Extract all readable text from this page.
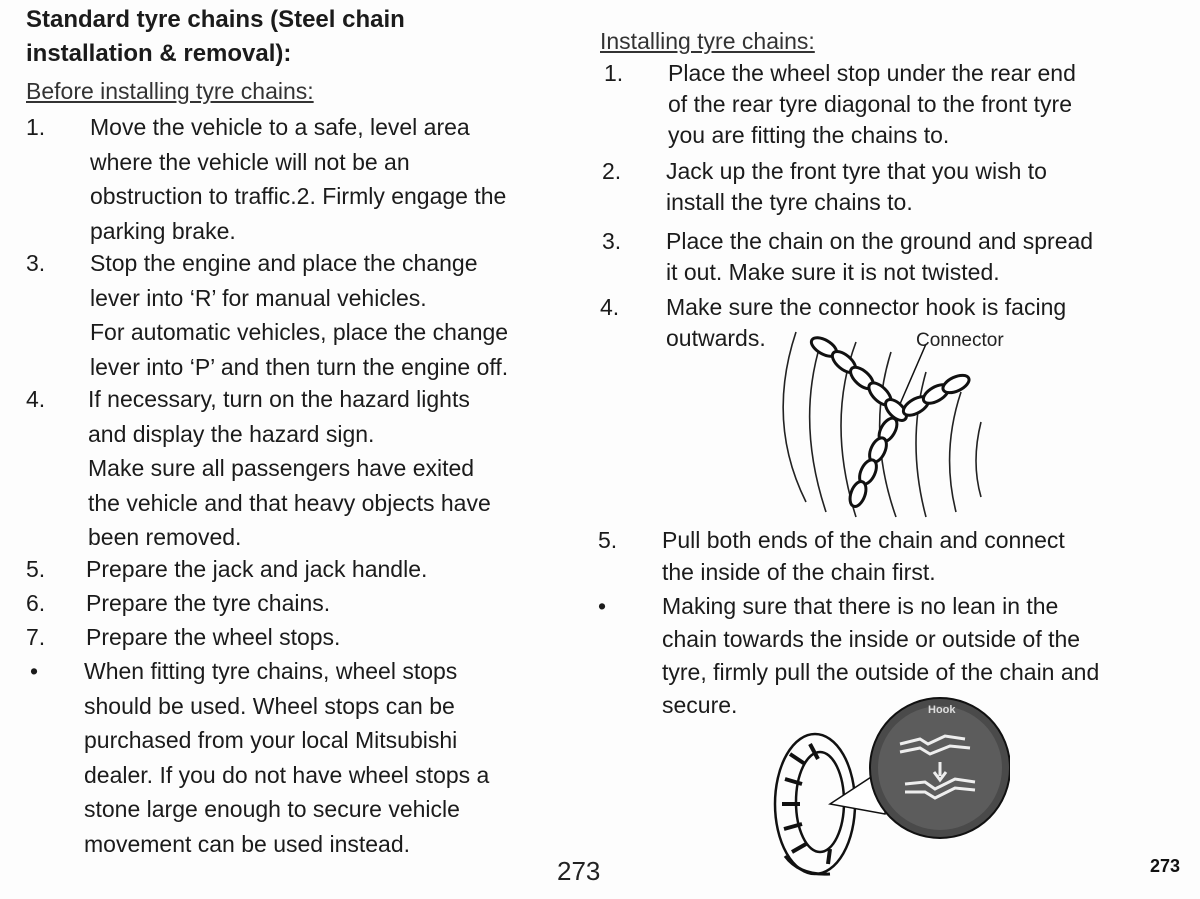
Standard tyre chains (Steel chain
installation & removal):
Before installing tyre chains:
1. Move the vehicle to a safe, level area
where the vehicle will not be an
obstruction to traffic.2. Firmly engage the
parking brake.
3. Stop the engine and place the change
lever into ‘R’ for manual vehicles.
For automatic vehicles, place the change
lever into ‘P’ and then turn the engine off.
4. If necessary, turn on the hazard lights
and display the hazard sign.
Make sure all passengers have exited
the vehicle and that heavy objects have
been removed.
5. Prepare the jack and jack handle.
6. Prepare the tyre chains.
7. Prepare the wheel stops.
• When fitting tyre chains, wheel stops
should be used. Wheel stops can be
purchased from your local Mitsubishi
dealer. If you do not have wheel stops a
stone large enough to secure vehicle
movement can be used instead.
Installing tyre chains:
1. Place the wheel stop under the rear end
of the rear tyre diagonal to the front tyre
you are fitting the chains to.
2. Jack up the front tyre that you wish to
install the tyre chains to.
3. Place the chain on the ground and spread
it out. Make sure it is not twisted.
4. Make sure the connector hook is facing
outwards.	Connector
5. Pull both ends of the chain and connect
the inside of the chain first.
• Making sure that there is no lean in the
chain towards the inside or outside of the
tyre, firmly pull the outside of the chain and
secure.	Hook
273	273
